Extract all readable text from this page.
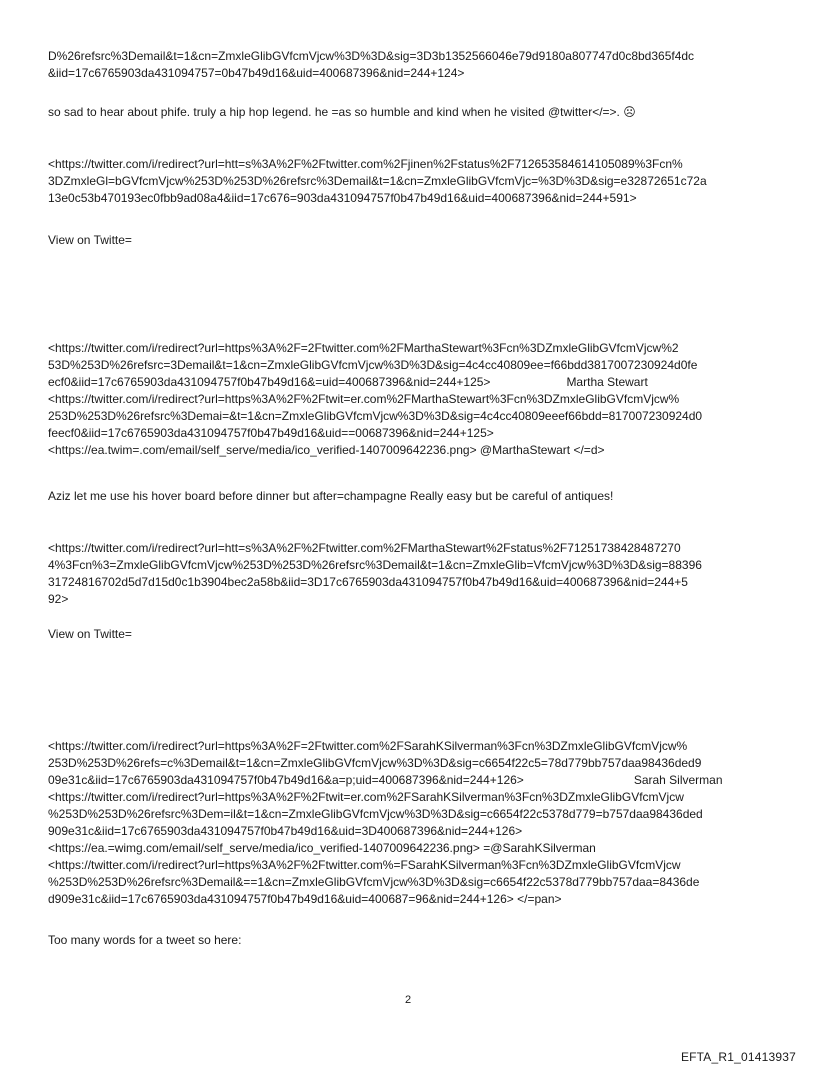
D%26refsrc%3Demail&t=1&cn=ZmxleGlibGVfcmVjcw%3D%3D&sig=3D3b1352566046e79d9180a807747d0c8bd365f4dc
&iid=17c6765903da431094757=0b47b49d16&uid=400687396&nid=244+124>

so sad to hear about phife. truly a hip hop legend. he =as so humble and kind when he visited @twitter</=>. ☹

<https://twitter.com/i/redirect?url=htt=s%3A%2F%2Ftwitter.com%2Fjinen%2Fstatus%2F712653584614105089%3Fcn%
3DZmxleGl=bGVfcmVjcw%253D%253D%26refsrc%3Demail&t=1&cn=ZmxleGlibGVfcmVjc=%3D%3D&sig=e32872651c72a
13e0c53b470193ec0fbb9ad08a4&iid=17c676=903da431094757f0b47b49d16&uid=400687396&nid=244+591>

View on Twitte=

<https://twitter.com/i/redirect?url=https%3A%2F=2Ftwitter.com%2FMarthaStewart%3Fcn%3DZmxleGlibGVfcmVjcw%2
53D%253D%26refsrc=3Demail&t=1&cn=ZmxleGlibGVfcmVjcw%3D%3D&sig=4c4cc40809ee=f66bdd3817007230924d0fe
ecf0&iid=17c6765903da431094757f0b47b49d16&=uid=400687396&nid=244+125>	Martha Stewart
<https://twitter.com/i/redirect?url=https%3A%2F%2Ftwit=er.com%2FMarthaStewart%3Fcn%3DZmxleGlibGVfcmVjcw%
253D%253D%26refsrc%3Demai=&t=1&cn=ZmxleGlibGVfcmVjcw%3D%3D&sig=4c4cc40809eeef66bdd=817007230924d0
feecf0&iid=17c6765903da431094757f0b47b49d16&uid==00687396&nid=244+125>
<https://ea.twim=.com/email/self_serve/media/ico_verified-1407009642236.png> @MarthaStewart </=d>

Aziz let me use his hover board before dinner but after=champagne Really easy but be careful of antiques!

<https://twitter.com/i/redirect?url=htt=s%3A%2F%2Ftwitter.com%2FMarthaStewart%2Fstatus%2F71251738428487270
4%3Fcn%3=ZmxleGlibGVfcmVjcw%253D%253D%26refsrc%3Demail&t=1&cn=ZmxleGlib=VfcmVjcw%3D%3D&sig=88396
31724816702d5d7d15d0c1b3904bec2a58b&iid=3D17c6765903da431094757f0b47b49d16&uid=400687396&nid=244+5
92>

View on Twitte=

<https://twitter.com/i/redirect?url=https%3A%2F=2Ftwitter.com%2FSarahKSilverman%3Fcn%3DZmxleGlibGVfcmVjcw%
253D%253D%26refs=c%3Demail&t=1&cn=ZmxleGlibGVfcmVjcw%3D%3D&sig=c6654f22c5=78d779bb757daa98436ded9
09e31c&iid=17c6765903da431094757f0b47b49d16&a=p;uid=400687396&nid=244+126>	Sarah Silverman
<https://twitter.com/i/redirect?url=https%3A%2F%2Ftwit=er.com%2FSarahKSilverman%3Fcn%3DZmxleGlibGVfcmVjcw
%253D%253D%26refsrc%3Dem=il&t=1&cn=ZmxleGlibGVfcmVjcw%3D%3D&sig=c6654f22c5378d779=b757daa98436ded
909e31c&iid=17c6765903da431094757f0b47b49d16&uid=3D400687396&nid=244+126>
<https://ea.=wimg.com/email/self_serve/media/ico_verified-1407009642236.png> =@SarahKSilverman
<https://twitter.com/i/redirect?url=https%3A%2F%2Ftwitter.com%=FSarahKSilverman%3Fcn%3DZmxleGlibGVfcmVjcw
%253D%253D%26refsrc%3Demail&==1&cn=ZmxleGlibGVfcmVjcw%3D%3D&sig=c6654f22c5378d779bb757daa=8436de
d909e31c&iid=17c6765903da431094757f0b47b49d16&uid=400687=96&nid=244+126> </=pan>

Too many words for a tweet so here:

2
EFTA_R1_01413937
